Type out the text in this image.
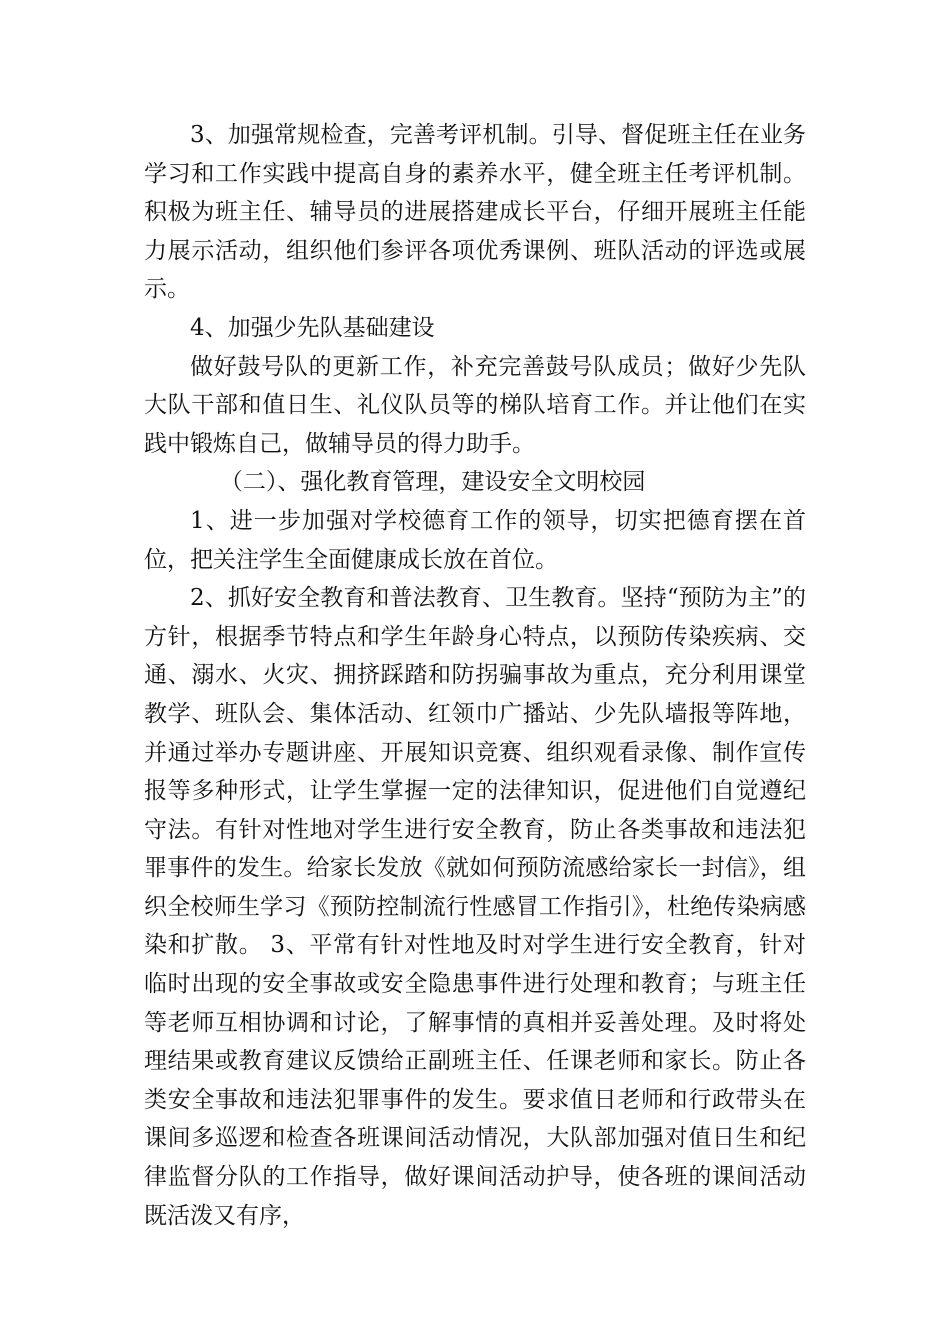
3、加强常规检查，完善考评机制。引导、督促班主任在业务学习和工作实践中提高自身的素养水平，健全班主任考评机制。积极为班主任、辅导员的进展搭建成长平台，仔细开展班主任能力展示活动，组织他们参评各项优秀课例、班队活动的评选或展示。

4、加强少先队基础建设

做好鼓号队的更新工作，补充完善鼓号队成员；做好少先队大队干部和值日生、礼仪队员等的梯队培育工作。并让他们在实践中锻炼自己，做辅导员的得力助手。

（二）、强化教育管理，建设安全文明校园

1、进一步加强对学校德育工作的领导，切实把德育摆在首位，把关注学生全面健康成长放在首位。

2、抓好安全教育和普法教育、卫生教育。坚持“预防为主”的方针，根据季节特点和学生年龄身心特点，以预防传染疾病、交通、溺水、火灾、拥挤踩踏和防拐骗事故为重点，充分利用课堂教学、班队会、集体活动、红领巾广播站、少先队墙报等阵地，并通过举办专题讲座、开展知识竞赛、组织观看录像、制作宣传报等多种形式，让学生掌握一定的法律知识，促进他们自觉遵纪守法。有针对性地对学生进行安全教育，防止各类事故和违法犯罪事件的发生。给家长发放《就如何预防流感给家长一封信》，组织全校师生学习《预防控制流行性感冒工作指引》，杜绝传染病感染和扩散。 3、平常有针对性地及时对学生进行安全教育，针对临时出现的安全事故或安全隐患事件进行处理和教育；与班主任等老师互相协调和讨论，了解事情的真相并妥善处理。及时将处理结果或教育建议反馈给正副班主任、任课老师和家长。防止各类安全事故和违法犯罪事件的发生。要求值日老师和行政带头在课间多巡逻和检查各班课间活动情况，大队部加强对值日生和纪律监督分队的工作指导，做好课间活动护导，使各班的课间活动既活泼又有序，
